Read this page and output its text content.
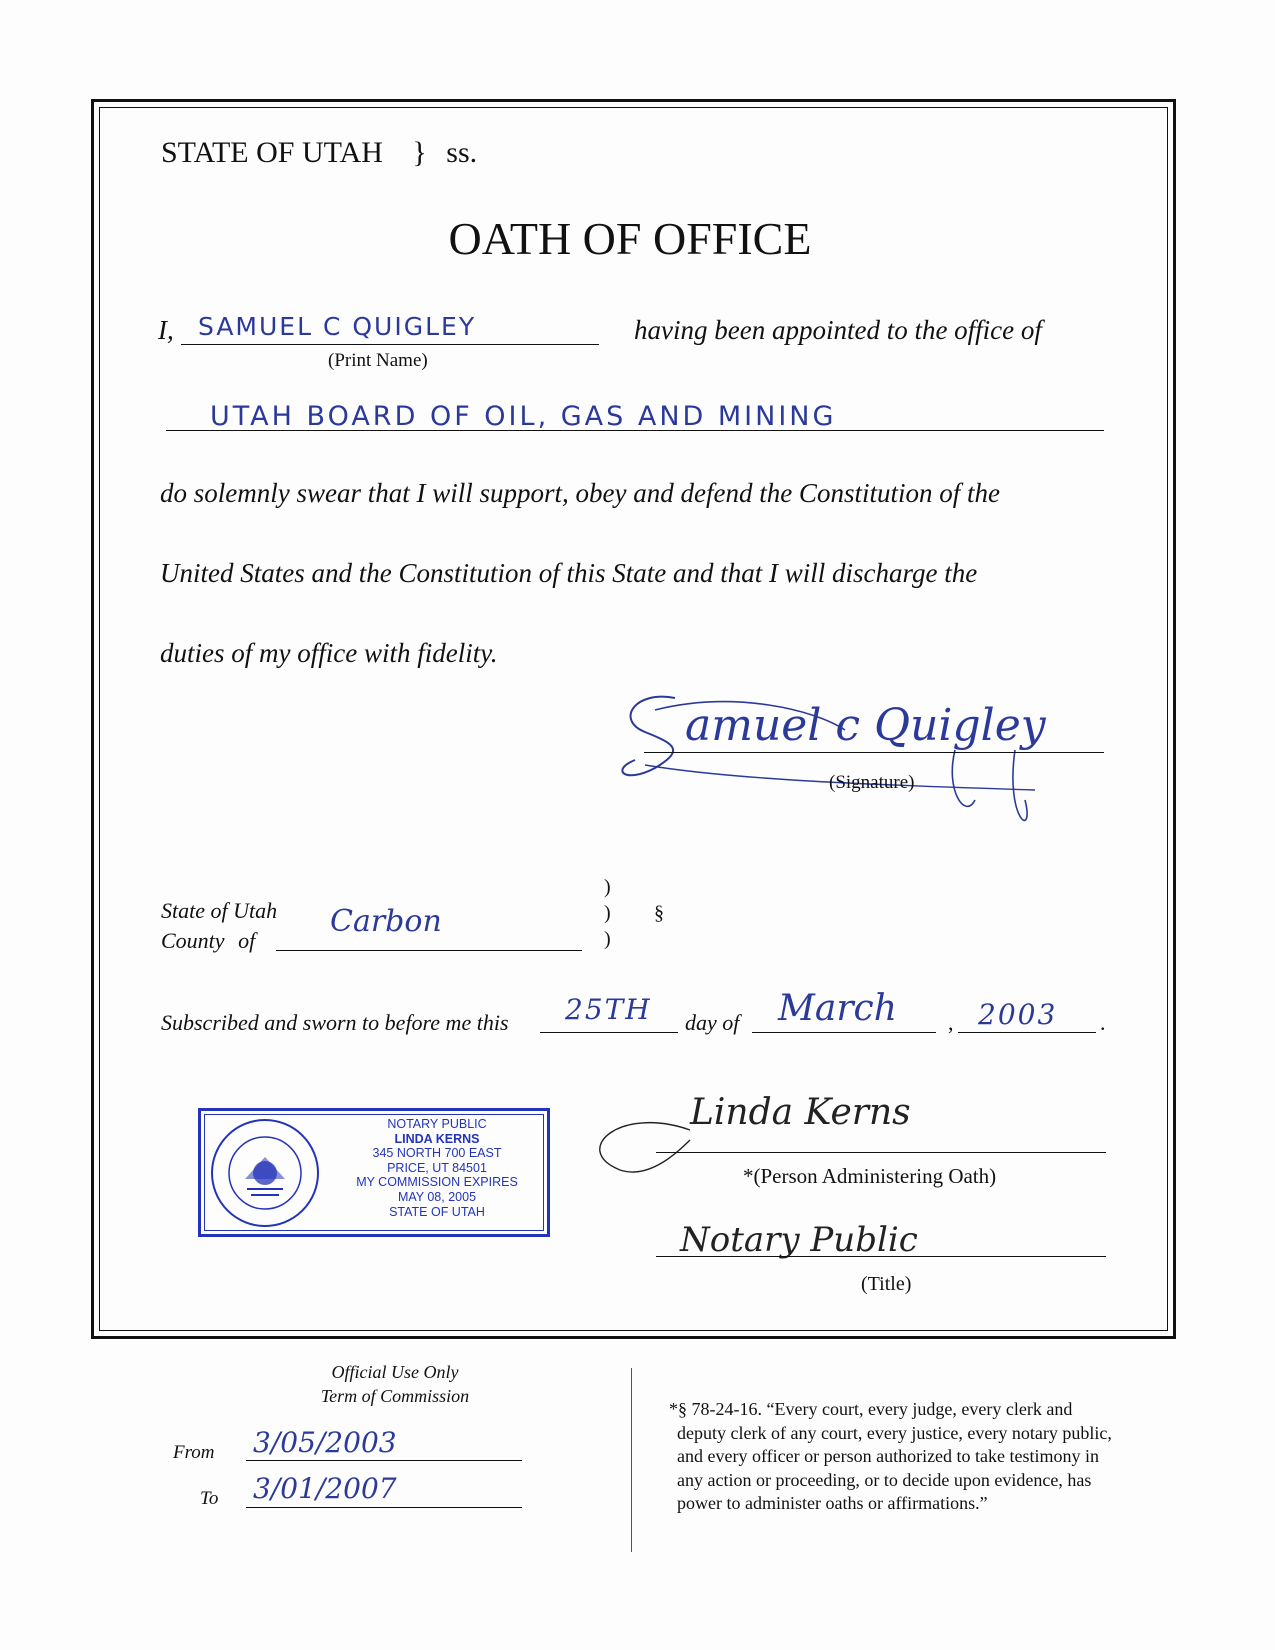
STATE OF UTAH } ss.
OATH OF OFFICE
I, SAMUEL C QUIGLEY
(Print Name)
having been appointed to the office of
UTAH BOARD OF OIL, GAS AND MINING
do solemnly swear that I will support, obey and defend the Constitution of the
United States and the Constitution of this State and that I will discharge the
duties of my office with fidelity.
amuel c Quigley
(Signature)
State of Utah
County of
Carbon
)
)
)
§
Subscribed and sworn to before me this 25TH day of March , 2003 .
NOTARY PUBLIC
LINDA KERNS
345 NORTH 700 EAST
PRICE, UT 84501
MY COMMISSION EXPIRES
MAY 08, 2005
STATE OF UTAH
Linda Kerns
*(Person Administering Oath)
Notary Public
(Title)
Official Use Only
Term of Commission
From 3/05/2003
To 3/01/2007
*§ 78-24-16. “Every court, every judge, every clerk and
deputy clerk of any court, every justice, every notary public,
and every officer or person authorized to take testimony in
any action or proceeding, or to decide upon evidence, has
power to administer oaths or affirmations.”
